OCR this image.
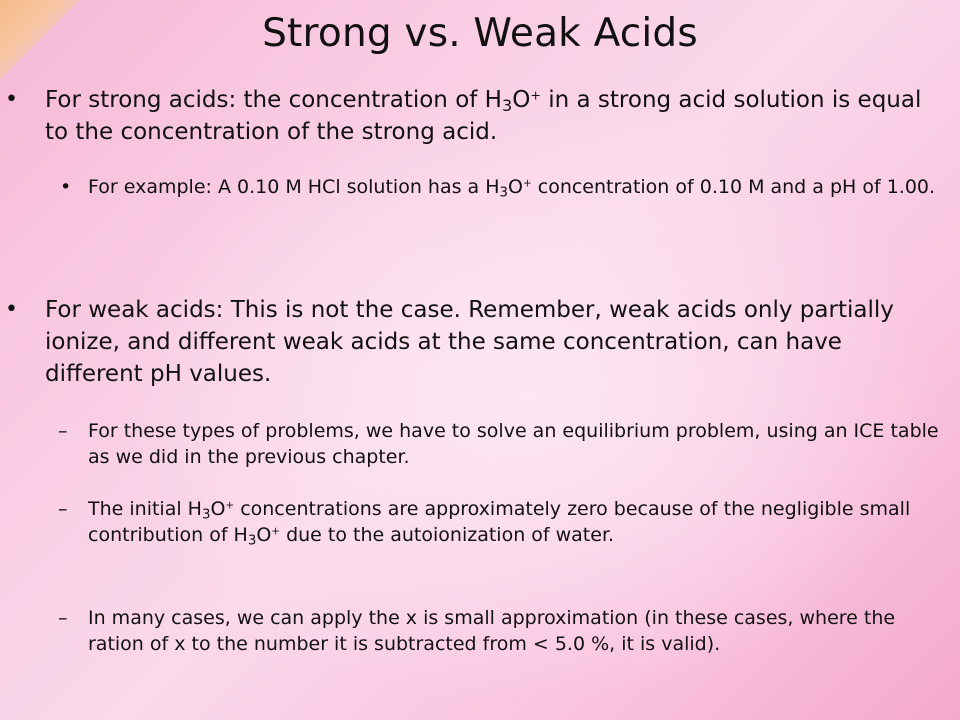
Strong vs. Weak Acids
• For strong acids: the concentration of $H_3O^+$ in a strong acid solution is equal to the concentration of the strong acid.
• For example: A 0.10 M HCl solution has a $H_3O^+$ concentration of 0.10 M and a pH of 1.00.
• For weak acids: This is not the case. Remember, weak acids only partially ionize, and different weak acids at the same concentration, can have different pH values.
– For these types of problems, we have to solve an equilibrium problem, using an ICE table as we did in the previous chapter.
– The initial $H_3O^+$ concentrations are approximately zero because of the negligible small contribution of $H_3O^+$ due to the autoionization of water.
– In many cases, we can apply the x is small approximation (in these cases, where the ration of x to the number it is subtracted from < 5.0 %, it is valid).
